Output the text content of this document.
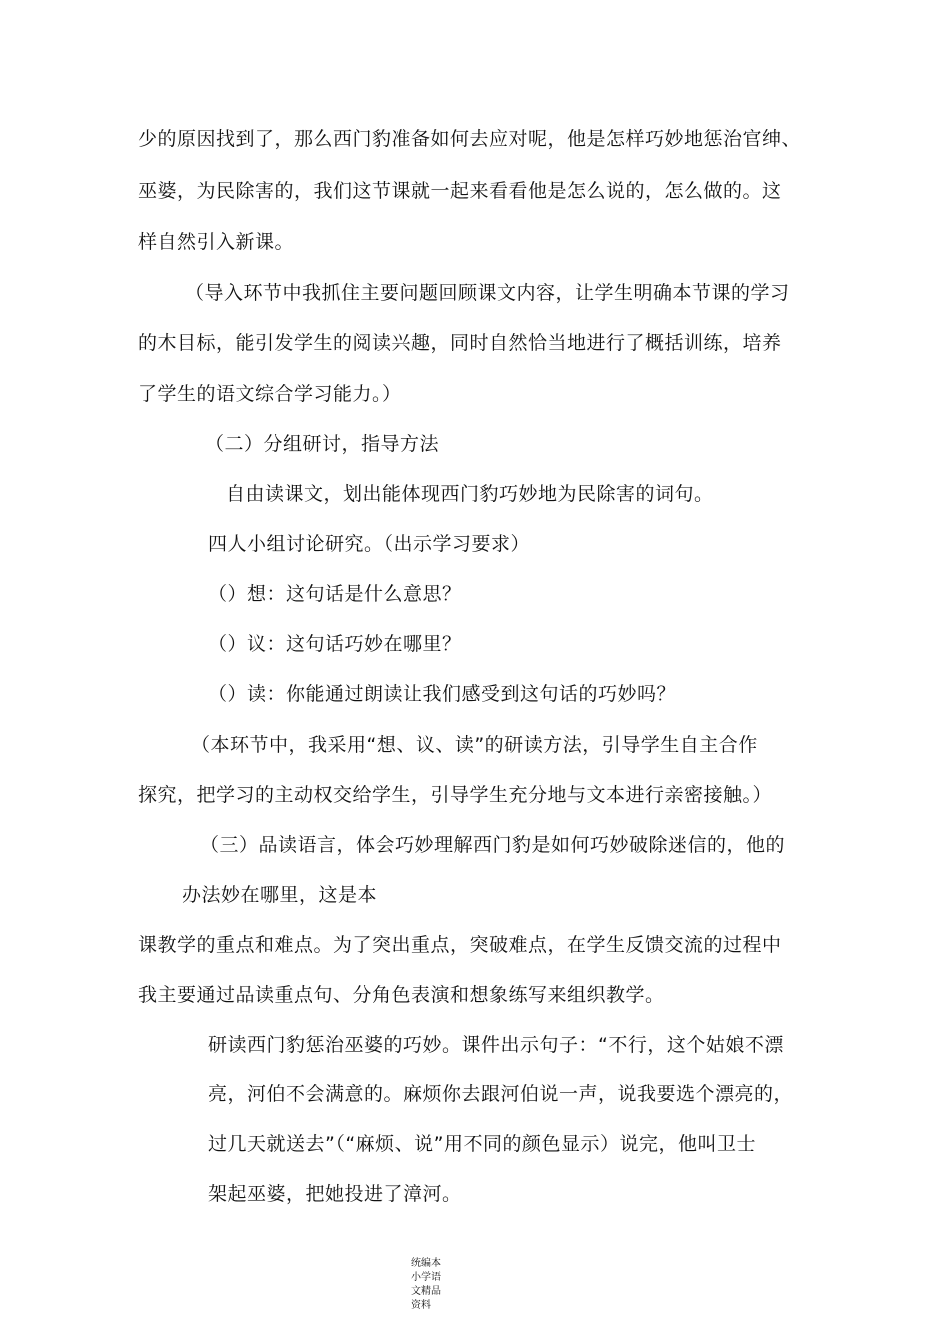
少的原因找到了，那么西门豹准备如何去应对呢，他是怎样巧妙地惩治官绅、
巫婆，为民除害的，我们这节课就一起来看看他是怎么说的，怎么做的。这
样自然引入新课。
（导入环节中我抓住主要问题回顾课文内容，让学生明确本节课的学习
的木目标，能引发学生的阅读兴趣，同时自然恰当地进行了概括训练，培养
了学生的语文综合学习能力。）
（二）分组研讨，指导方法
自由读课文，划出能体现西门豹巧妙地为民除害的词句。
四人小组讨论研究。（出示学习要求）
（）想：这句话是什么意思？
（）议：这句话巧妙在哪里？
（）读：你能通过朗读让我们感受到这句话的巧妙吗？
（本环节中，我采用“想、议、读”的研读方法，引导学生自主合作
探究，把学习的主动权交给学生，引导学生充分地与文本进行亲密接触。）
（三）品读语言，体会巧妙理解西门豹是如何巧妙破除迷信的，他的
办法妙在哪里，这是本
课教学的重点和难点。为了突出重点，突破难点，在学生反馈交流的过程中
我主要通过品读重点句、分角色表演和想象练写来组织教学。
研读西门豹惩治巫婆的巧妙。课件出示句子：“不行，这个姑娘不漂
亮，河伯不会满意的。麻烦你去跟河伯说一声，说我要选个漂亮的，
过几天就送去”（“麻烦、说”用不同的颜色显示）说完，他叫卫士
架起巫婆，把她投进了漳河。
统编本
小学语
文精品
资料
